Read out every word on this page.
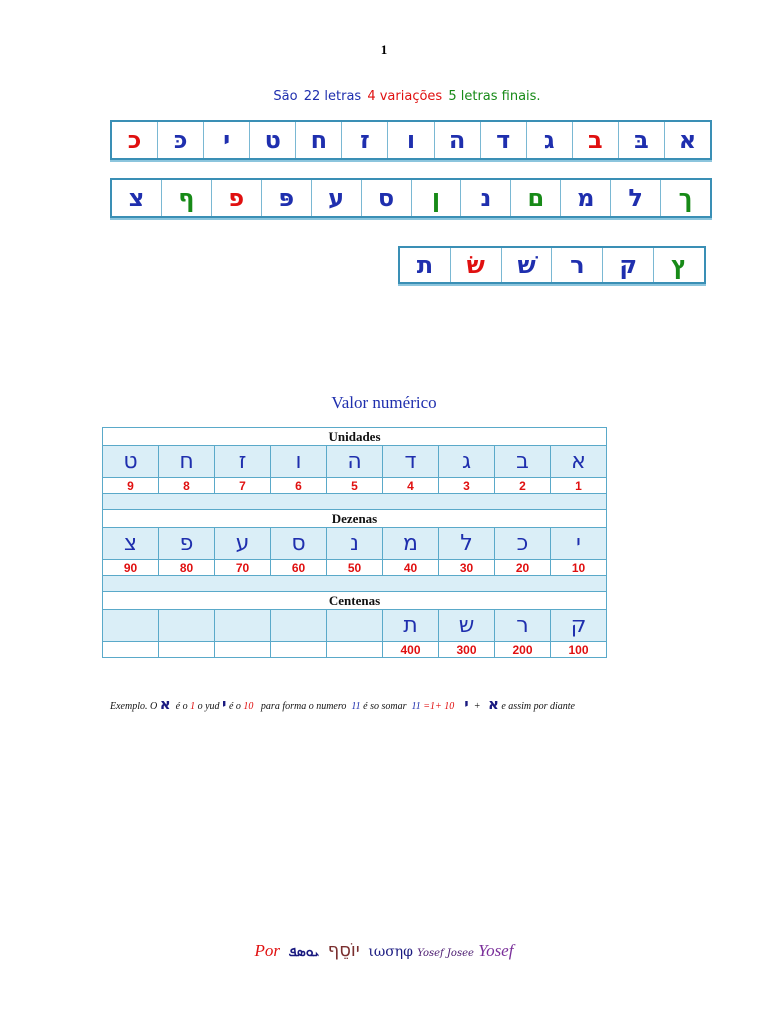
1
São 22 letras 4 variações 5 letras finais.
כ	כּ	י	ט	ח	ז	ו	ה	ד	ג	ב	בּ	א
צ	ף	פ	פּ	ע	ס	ן	נ	ם	מ	ל	ך
ת	שׂ	שׁ	ר	ק	ץ
Valor numérico
Unidades								
ט	ח	ז	ו	ה	ד	ג	ב	א
9	8	7	6	5	4	3	2	1

Dezenas								
צ	פ	ע	ס	נ	מ	ל	כ	י
90	80	70	60	50	40	30	20	10

Centenas								
					ת	ש	ר	ק
					400	300	200	100
Exemplo. O א é o 1 o yud י é o 10 para forma o numero 11 é so somar	א   +  י    10 +1= 11	e assim por diante
Por	יוֹסֵף  ܝܘܣܦ	ιωσηφ Yosef Josee Yosef
